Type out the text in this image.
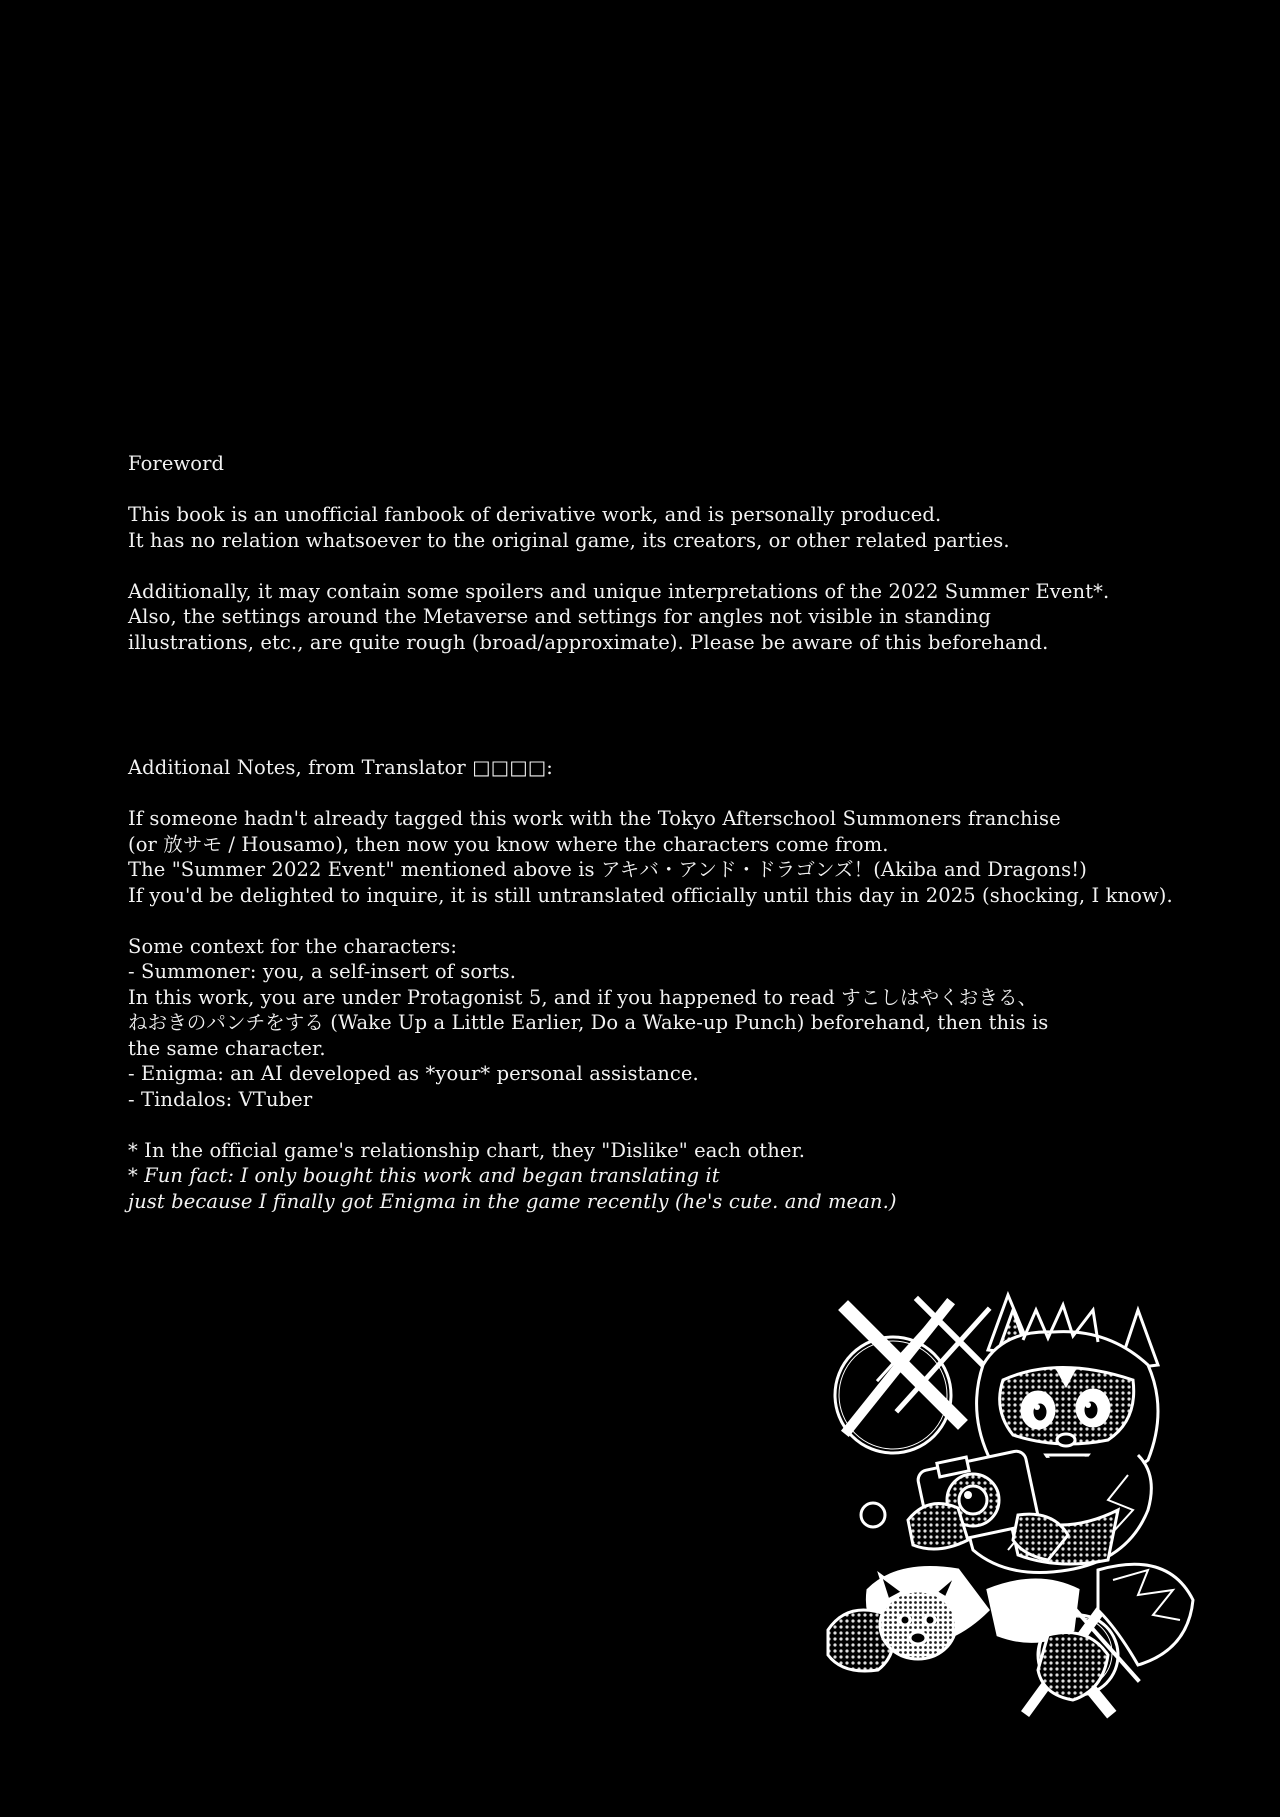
Foreword
This book is an unofficial fanbook of derivative work, and is personally produced.
It has no relation whatsoever to the original game, its creators, or other related parties.
Additionally, it may contain some spoilers and unique interpretations of the 2022 Summer Event*.
Also, the settings around the Metaverse and settings for angles not visible in standing
illustrations, etc., are quite rough (broad/approximate). Please be aware of this beforehand.
Additional Notes, from Translator □□□□:
If someone hadn't already tagged this work with the Tokyo Afterschool Summoners franchise
(or 放サモ / Housamo), then now you know where the characters come from.
The "Summer 2022 Event" mentioned above is アキバ・アンド・ドラゴンズ！(Akiba and Dragons!)
If you'd be delighted to inquire, it is still untranslated officially until this day in 2025 (shocking, I know).
Some context for the characters:
- Summoner: you, a self-insert of sorts.
In this work, you are under Protagonist 5, and if you happened to read すこしはやくおきる、
ねおきのパンチをする (Wake Up a Little Earlier, Do a Wake-up Punch) beforehand, then this is
the same character.
- Enigma: an AI developed as *your* personal assistance.
- Tindalos: VTuber
* In the official game's relationship chart, they "Dislike" each other.
* Fun fact: I only bought this work and began translating it
just because I finally got Enigma in the game recently (he's cute. and mean.)
